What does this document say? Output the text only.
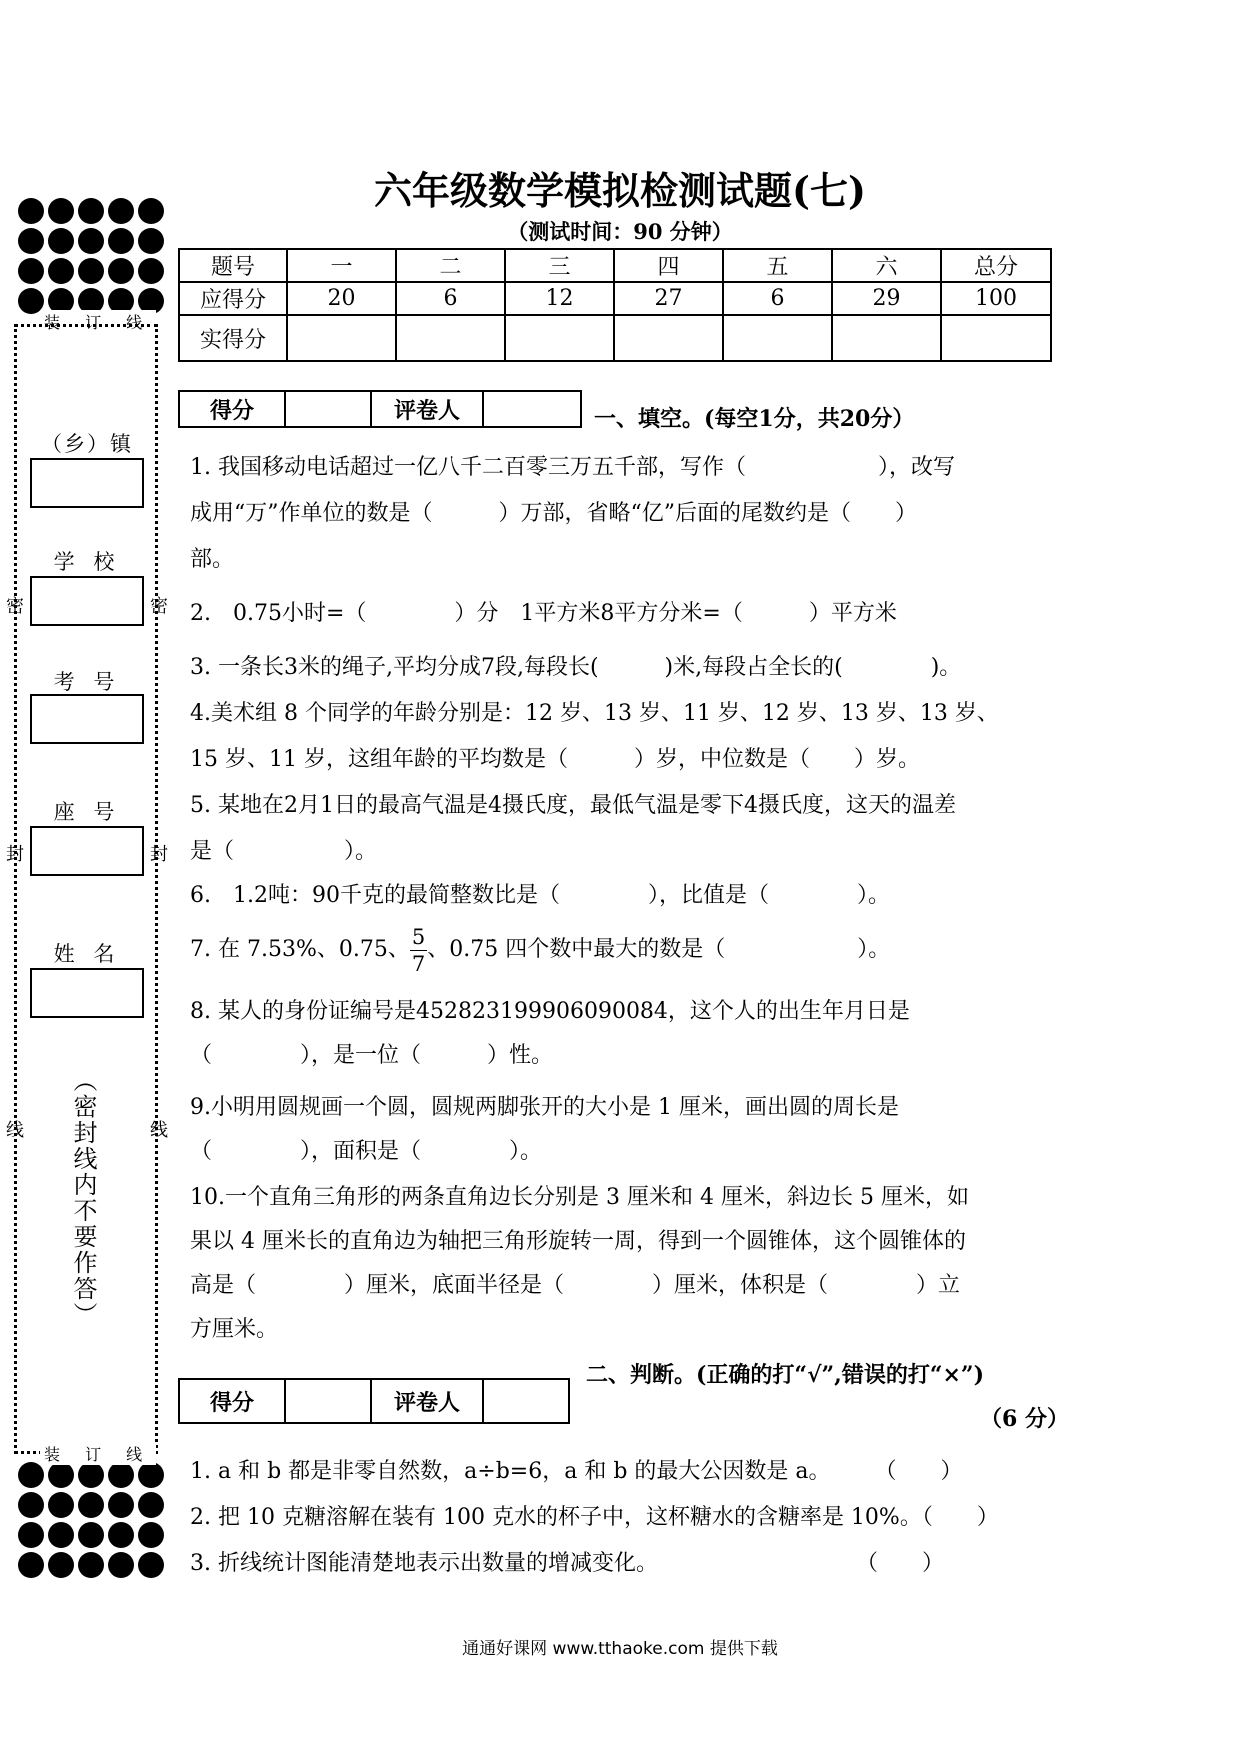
装 订 线
装 订 线
（乡）镇
学 校
考 号
座 号
姓 名
密	密
封	封
线	线
（密封线内不要作答）
六年级数学模拟检测试题(七)
（测试时间：90 分钟）
题号	一	二	三	四	五	六	总分
应得分	20	6	12	27	6	29	100
实得分							
得分		评卷人		一、填空。(每空1分，共20分）
1. 我国移动电话超过一亿八千二百零三万五千部，写作（　　　　　　），改写
成用“万”作单位的数是（　　　）万部，省略“亿”后面的尾数约是（　　）
部。
2.　0.75小时=（　　　　）分　1平方米8平方分米=（　　　）平方米
3. 一条长3米的绳子,平均分成7段,每段长(　　　)米,每段占全长的(　　　　)。
4.美术组 8 个同学的年龄分别是：12 岁、13 岁、11 岁、12 岁、13 岁、13 岁、
15 岁、11 岁，这组年龄的平均数是（　　　）岁，中位数是（　　）岁。
5. 某地在2月1日的最高气温是4摄氏度，最低气温是零下4摄氏度，这天的温差
是（　　　　　）。
6.　1.2吨：90千克的最简整数比是（　　　　），比值是（　　　　）。
7. 在 7.53%、0.75、 $\frac{5}{7}$ 、0.7̇5̇ 四个数中最大的数是（　　　　　　）。
8. 某人的身份证编号是452823199906090084，这个人的出生年月日是
（　　　　），是一位（　　　）性。
9.小明用圆规画一个圆，圆规两脚张开的大小是 1 厘米，画出圆的周长是
（　　　　），面积是（　　　　）。
10.一个直角三角形的两条直角边长分别是 3 厘米和 4 厘米，斜边长 5 厘米，如
果以 4 厘米长的直角边为轴把三角形旋转一周，得到一个圆锥体，这个圆锥体的
高是（　　　　）厘米，底面半径是（　　　　）厘米，体积是（　　　　）立
方厘米。
得分		评卷人	
二、判断。(正确的打“√”,错误的打“×”)
（6 分）
1. a 和 b 都是非零自然数，a÷b=6，a 和 b 的最大公因数是 a。　　　（　　）
2. 把 10 克糖溶解在装有 100 克水的杯子中，这杯糖水的含糖率是 10%。（　　）
3. 折线统计图能清楚地表示出数量的增减变化。　　　　　　　　　　（　　）
通通好课网 www.tthaoke.com 提供下载
